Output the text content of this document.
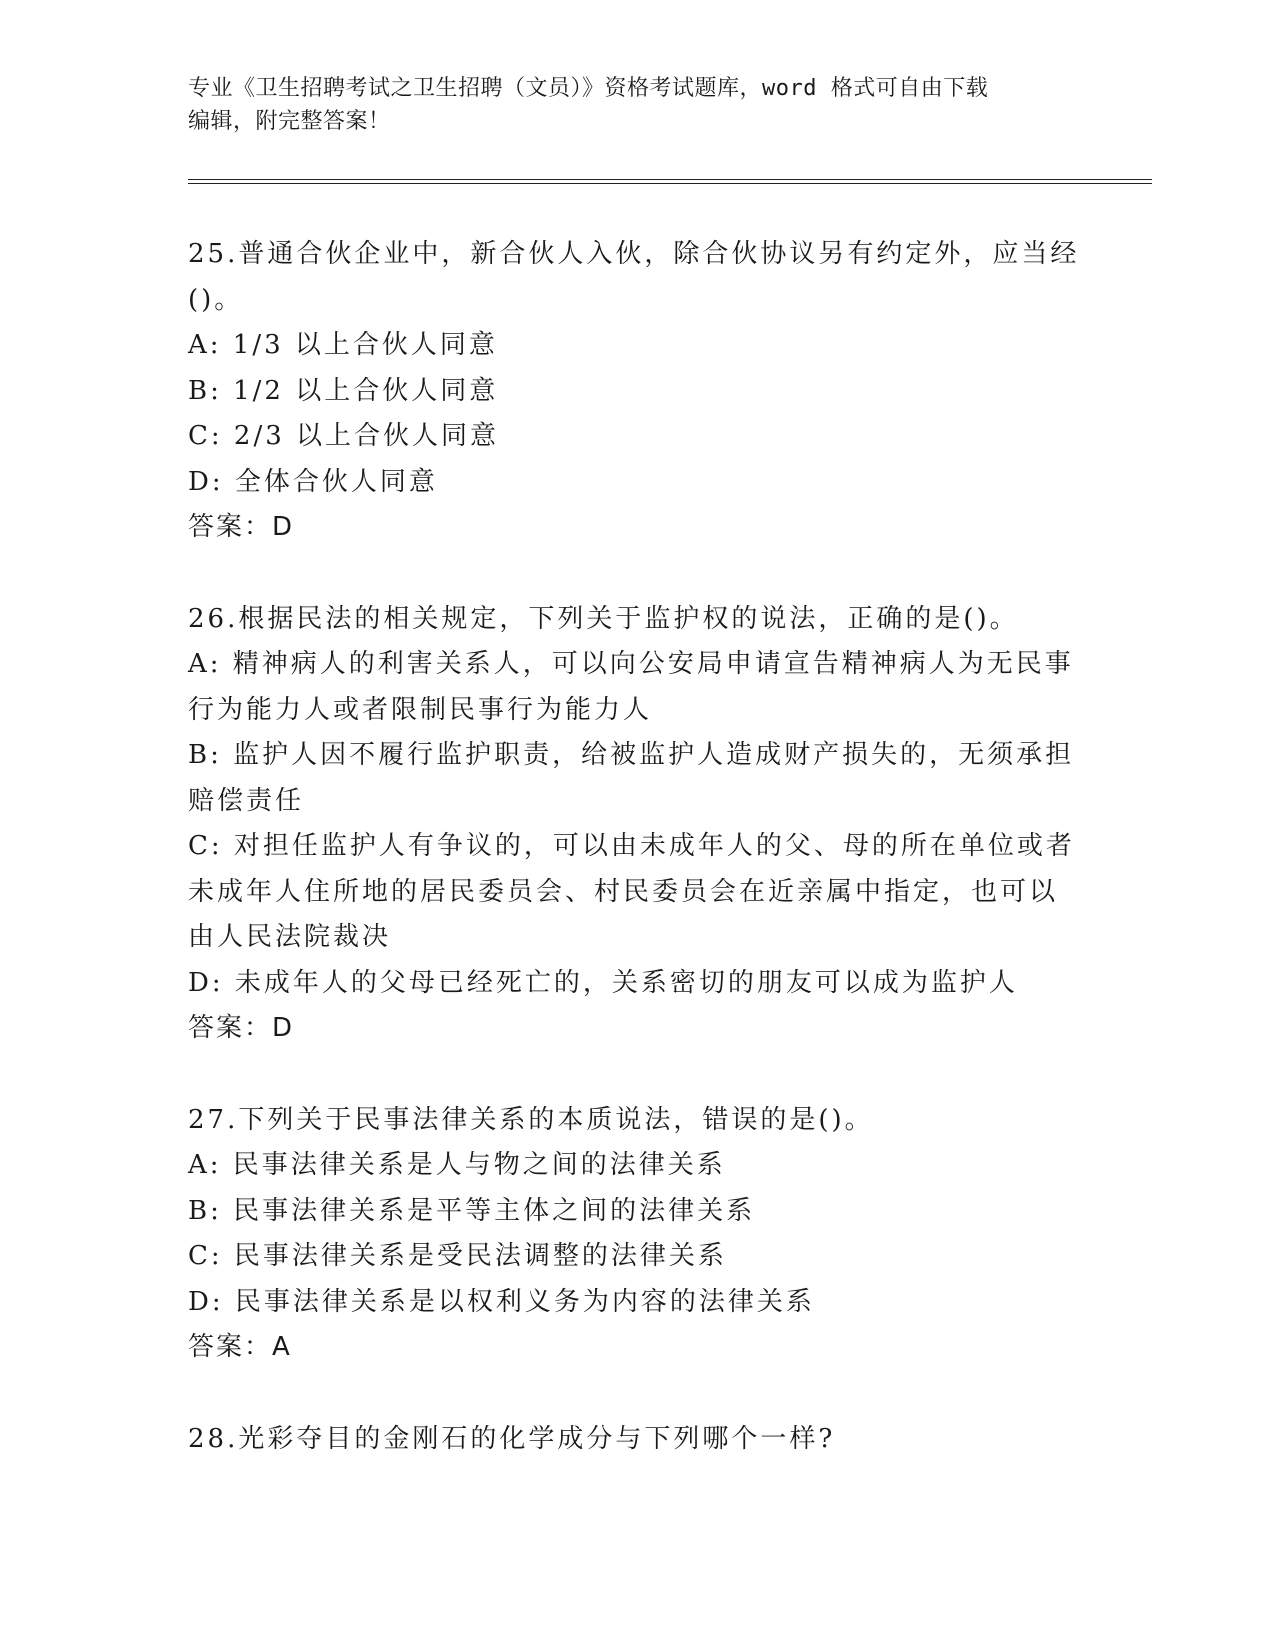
专业《卫生招聘考试之卫生招聘（文员）》资格考试题库，word 格式可自由下载
编辑，附完整答案！

25.普通合伙企业中，新合伙人入伙，除合伙协议另有约定外，应当经

()。

A: 1/3 以上合伙人同意

B: 1/2 以上合伙人同意

C: 2/3 以上合伙人同意

D: 全体合伙人同意

答案：D

26.根据民法的相关规定，下列关于监护权的说法，正确的是()。

A: 精神病人的利害关系人，可以向公安局申请宣告精神病人为无民事

行为能力人或者限制民事行为能力人

B: 监护人因不履行监护职责，给被监护人造成财产损失的，无须承担

赔偿责任

C: 对担任监护人有争议的，可以由未成年人的父、母的所在单位或者

未成年人住所地的居民委员会、村民委员会在近亲属中指定，也可以

由人民法院裁决

D: 未成年人的父母已经死亡的，关系密切的朋友可以成为监护人

答案：D

27.下列关于民事法律关系的本质说法，错误的是()。

A: 民事法律关系是人与物之间的法律关系

B: 民事法律关系是平等主体之间的法律关系

C: 民事法律关系是受民法调整的法律关系

D: 民事法律关系是以权利义务为内容的法律关系

答案：A

28.光彩夺目的金刚石的化学成分与下列哪个一样?
